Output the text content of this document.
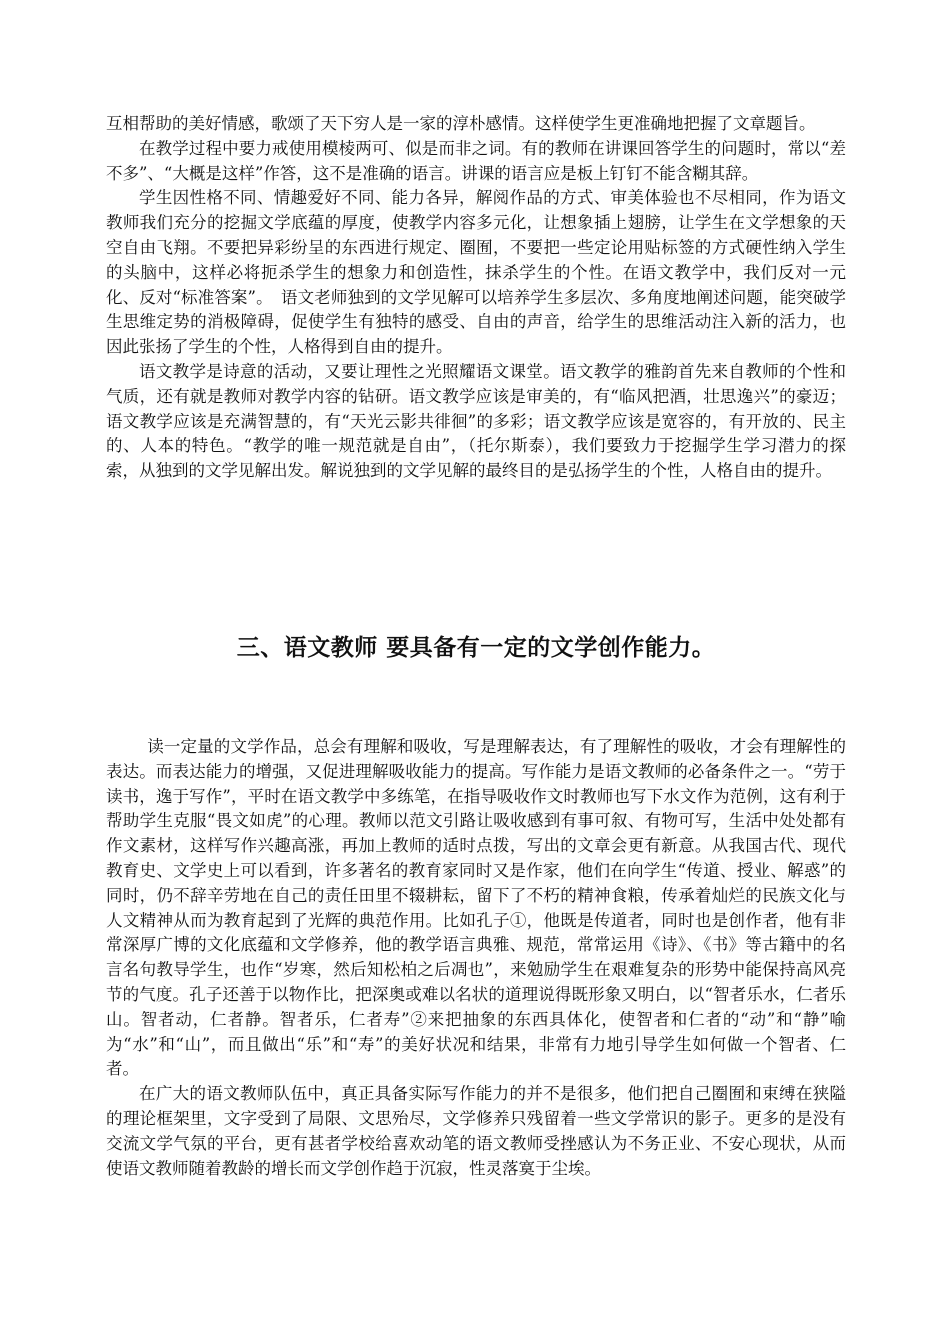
互相帮助的美好情感，歌颂了天下穷人是一家的淳朴感情。这样使学生更准确地把握了文章题旨。

在教学过程中要力戒使用模棱两可、似是而非之词。有的教师在讲课回答学生的问题时，常以“差不多”、“大概是这样”作答，这不是准确的语言。讲课的语言应是板上钉钉不能含糊其辞。

学生因性格不同、情趣爱好不同、能力各异，解阅作品的方式、审美体验也不尽相同，作为语文教师我们充分的挖掘文学底蕴的厚度，使教学内容多元化，让想象插上翅膀，让学生在文学想象的天空自由飞翔。不要把异彩纷呈的东西进行规定、圈囿，不要把一些定论用贴标签的方式硬性纳入学生的头脑中，这样必将扼杀学生的想象力和创造性，抹杀学生的个性。在语文教学中，我们反对一元化、反对“标准答案”。　语文老师独到的文学见解可以培养学生多层次、多角度地阐述问题，能突破学生思维定势的消极障碍，促使学生有独特的感受、自由的声音，给学生的思维活动注入新的活力，也因此张扬了学生的个性，人格得到自由的提升。

语文教学是诗意的活动，又要让理性之光照耀语文课堂。语文教学的雅韵首先来自教师的个性和气质，还有就是教师对教学内容的钻研。语文教学应该是审美的，有“临风把酒，壮思逸兴”的豪迈；语文教学应该是充满智慧的，有“天光云影共徘徊”的多彩；语文教学应该是宽容的，有开放的、民主的、人本的特色。“教学的唯一规范就是自由”，（托尔斯泰），我们要致力于挖掘学生学习潜力的探索，从独到的文学见解出发。解说独到的文学见解的最终目的是弘扬学生的个性，人格自由的提升。

三、语文教师 要具备有一定的文学创作能力。

读一定量的文学作品，总会有理解和吸收，写是理解表达，有了理解性的吸收，才会有理解性的表达。而表达能力的增强，又促进理解吸收能力的提高。写作能力是语文教师的必备条件之一。“劳于读书，逸于写作”，平时在语文教学中多练笔，在指导吸收作文时教师也写下水文作为范例，这有利于帮助学生克服“畏文如虎”的心理。教师以范文引路让吸收感到有事可叙、有物可写，生活中处处都有作文素材，这样写作兴趣高涨，再加上教师的适时点拨，写出的文章会更有新意。从我国古代、现代教育史、文学史上可以看到，许多著名的教育家同时又是作家，他们在向学生“传道、授业、解惑”的同时，仍不辞辛劳地在自己的责任田里不辍耕耘，留下了不朽的精神食粮，传承着灿烂的民族文化与人文精神从而为教育起到了光辉的典范作用。比如孔子①，他既是传道者，同时也是创作者，他有非常深厚广博的文化底蕴和文学修养，他的教学语言典雅、规范，常常运用《诗》、《书》等古籍中的名言名句教导学生，也作“岁寒，然后知松柏之后凋也”，来勉励学生在艰难复杂的形势中能保持高风亮节的气度。孔子还善于以物作比，把深奥或难以名状的道理说得既形象又明白，以“智者乐水，仁者乐山。智者动，仁者静。智者乐，仁者寿”②来把抽象的东西具体化，使智者和仁者的“动”和“静”喻为“水”和“山”，而且做出“乐”和“寿”的美好状况和结果，非常有力地引导学生如何做一个智者、仁者。

在广大的语文教师队伍中，真正具备实际写作能力的并不是很多，他们把自己圈囿和束缚在狭隘的理论框架里，文字受到了局限、文思殆尽，文学修养只残留着一些文学常识的影子。更多的是没有交流文学气氛的平台，更有甚者学校给喜欢动笔的语文教师受挫感认为不务正业、不安心现状，从而使语文教师随着教龄的增长而文学创作趋于沉寂，性灵落寞于尘埃。
